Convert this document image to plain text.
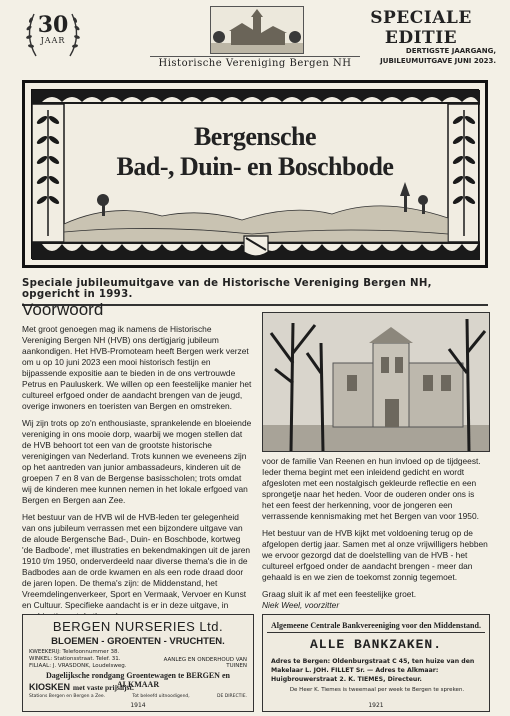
30
JAAR
Historische Vereniging Bergen NH
SPECIALE EDITIE
DERTIGSTE JAARGANG,
JUBILEUMUITGAVE JUNI 2023.
Bergensche
Bad-, Duin- en Boschbode
Speciale jubileumuitgave van de Historische Vereniging Bergen NH, opgericht in 1993.
Voorwoord

Met groot genoegen mag ik namens de Historische Vereniging Bergen NH (HVB) ons dertigjarig jubileum aankondigen. Het HVB-Promoteam heeft Bergen werk verzet om u op 10 juni 2023 een mooi historisch festijn en bijpassende expositie aan te bieden in de ons vertrouwde Petrus en Pauluskerk. We willen op een feestelijke manier het cultureel erfgoed onder de aandacht brengen van de jeugd, overige inwoners en toeristen van Bergen en omstreken.

Wij zijn trots op zo'n enthousiaste, sprankelende en bloeiende vereniging in ons mooie dorp, waarbij we mogen stellen dat de HVB behoort tot een van de grootste historische verenigingen van Nederland. Trots kunnen we eveneens zijn op het aantreden van junior ambassadeurs, kinderen uit de groepen 7 en 8 van de Bergense basisscholen; trots omdat wij de kinderen mee kunnen nemen in het lokale erfgoed van Bergen en Bergen aan Zee.

Het bestuur van de HVB wil de HVB-leden ter gelegenheid van ons jubileum verrassen met een bijzondere uitgave van de aloude Bergensche Bad-, Duin- en Boschbode, kortweg 'de Badbode', met illustraties en bekendmakingen uit de jaren 1910 t/m 1950, onderverdeeld naar diverse thema's die in de Badbodes aan de orde kwamen en als een rode draad door de jaren lopen. De thema's zijn: de Middenstand, het Vreemdelingenverkeer, Sport en Vermaak, Vervoer en Kunst en Cultuur. Specifieke aandacht is er in deze uitgave, in

voor de familie Van Reenen en hun invloed op de tijdgeest. Ieder thema begint met een inleidend gedicht en wordt afgesloten met een nostalgisch gekleurde reflectie en een sprongetje naar het heden. Voor de ouderen onder ons is het een feest der herkenning, voor de jongeren een verrassende kennismaking met het Bergen van voor 1950.

Het bestuur van de HVB kijkt met voldoening terug op de afgelopen dertig jaar. Samen met al onze vrijwilligers hebben we ervoor gezorgd dat de doelstelling van de HVB - het cultureel erfgoed onder de aandacht brengen - meer dan gehaald is en we zien de toekomst zonnig tegemoet.

Graag sluit ik af met een feestelijke groet.

Niek Weel, voorzitter

BERGEN NURSERIES Ltd.
BLOEMEN - GROENTEN - VRUCHTEN.
KWEEKERIJ: Telefoonnummer 38.
WINKEL: Stationsstraat. Telef. 31.
FILIAAL: J. VRASDONK, Loudelsweg.
AANLEG EN ONDERHOUD VAN TUINEN
Dagelijksche rondgang Groentewagen te BERGEN en ALKMAAR
KIOSKEN met vaste prijslijst.
Stations Bergen en Bergen a Zee.	Tot beleefd uitnoodigend,	DE DIRECTIE.
1914
Algemeene Centrale Bankvereeniging voor den Middenstand.
ALLE BANKZAKEN.
Adres te Bergen: Oldenburgstraat C 45, ten huize van den
Makelaar L. JOH. FILLET Sr. — Adres te Alkmaar:
Huigbrouwerstraat 2. K. TIEMES, Directeur.
De Heer K. Tiemes is tweemaal per week te Bergen te spreken.
1921
